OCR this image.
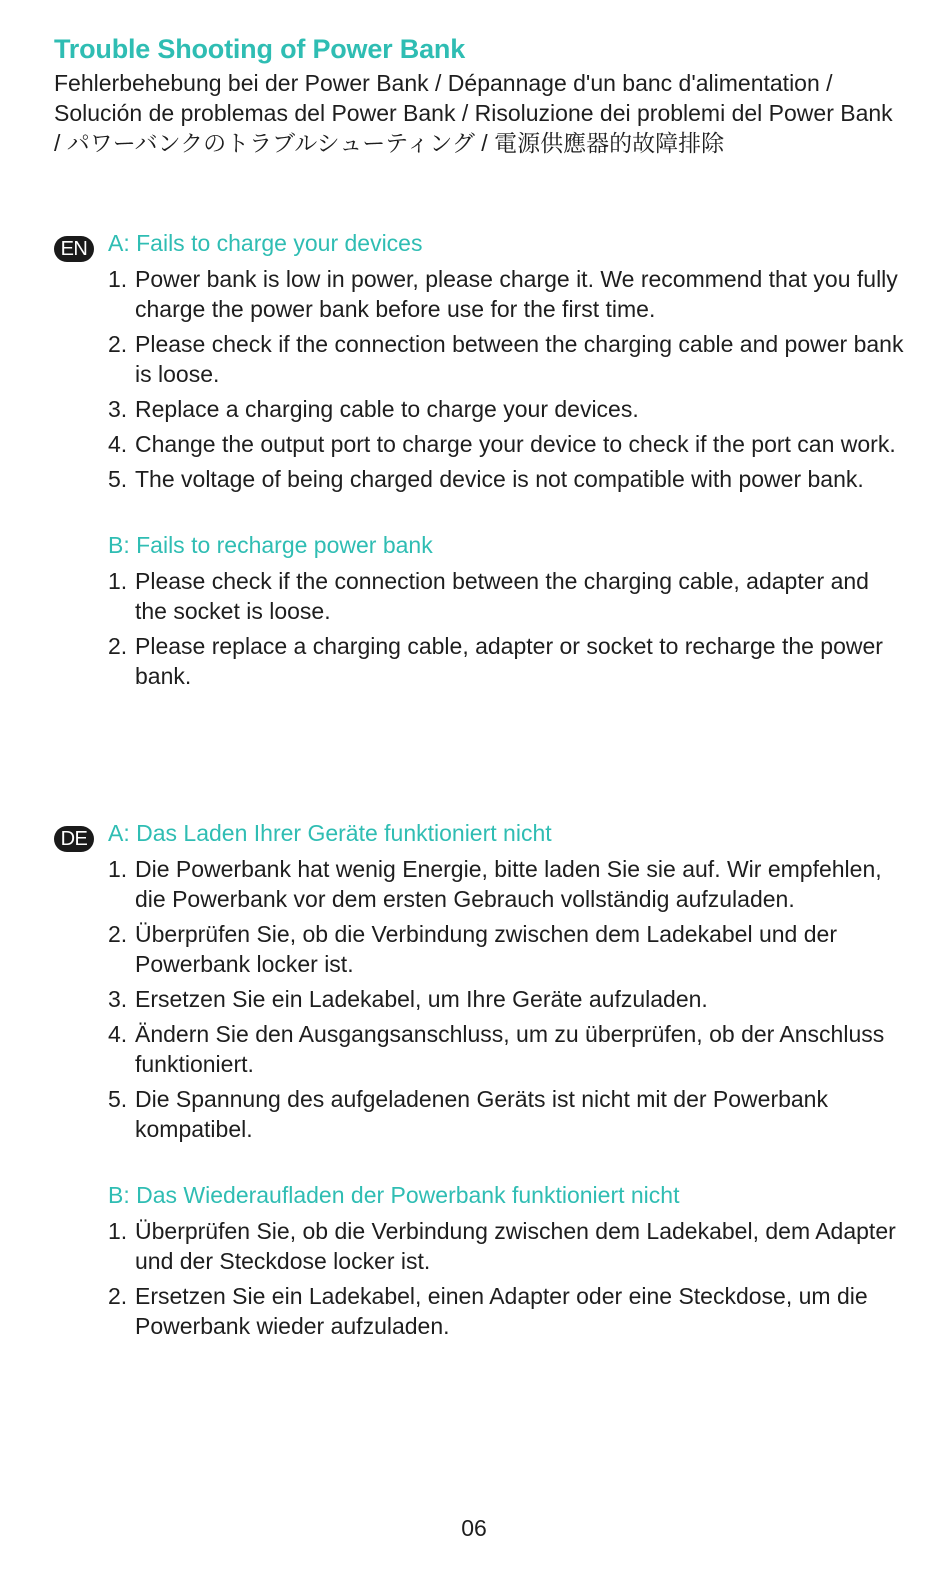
Trouble Shooting of Power Bank
Fehlerbehebung bei der Power Bank / Dépannage d'un banc d'alimentation / Solución de problemas del Power Bank / Risoluzione dei problemi del Power Bank / パワーバンクのトラブルシューティング / 電源供應器的故障排除
EN A: Fails to charge your devices
1. Power bank is low in power, please charge it. We recommend that you fully charge the power bank before use for the first time.
2. Please check if the connection between the charging cable and power bank is loose.
3. Replace a charging cable to charge your devices.
4. Change the output port to charge your device to check if the port can work.
5. The voltage of being charged device is not compatible with power bank.
B: Fails to recharge power bank
1. Please check if the connection between the charging cable, adapter and the socket is loose.
2. Please replace a charging cable, adapter or socket to recharge the power bank.
DE A: Das Laden Ihrer Geräte funktioniert nicht
1. Die Powerbank hat wenig Energie, bitte laden Sie sie auf. Wir empfehlen, die Powerbank vor dem ersten Gebrauch vollständig aufzuladen.
2. Überprüfen Sie, ob die Verbindung zwischen dem Ladekabel und der Powerbank locker ist.
3. Ersetzen Sie ein Ladekabel, um Ihre Geräte aufzuladen.
4. Ändern Sie den Ausgangsanschluss, um zu überprüfen, ob der Anschluss funktioniert.
5. Die Spannung des aufgeladenen Geräts ist nicht mit der Powerbank kompatibel.
B: Das Wiederaufladen der Powerbank funktioniert nicht
1. Überprüfen Sie, ob die Verbindung zwischen dem Ladekabel, dem Adapter und der Steckdose locker ist.
2. Ersetzen Sie ein Ladekabel, einen Adapter oder eine Steckdose, um die Powerbank wieder aufzuladen.
06
